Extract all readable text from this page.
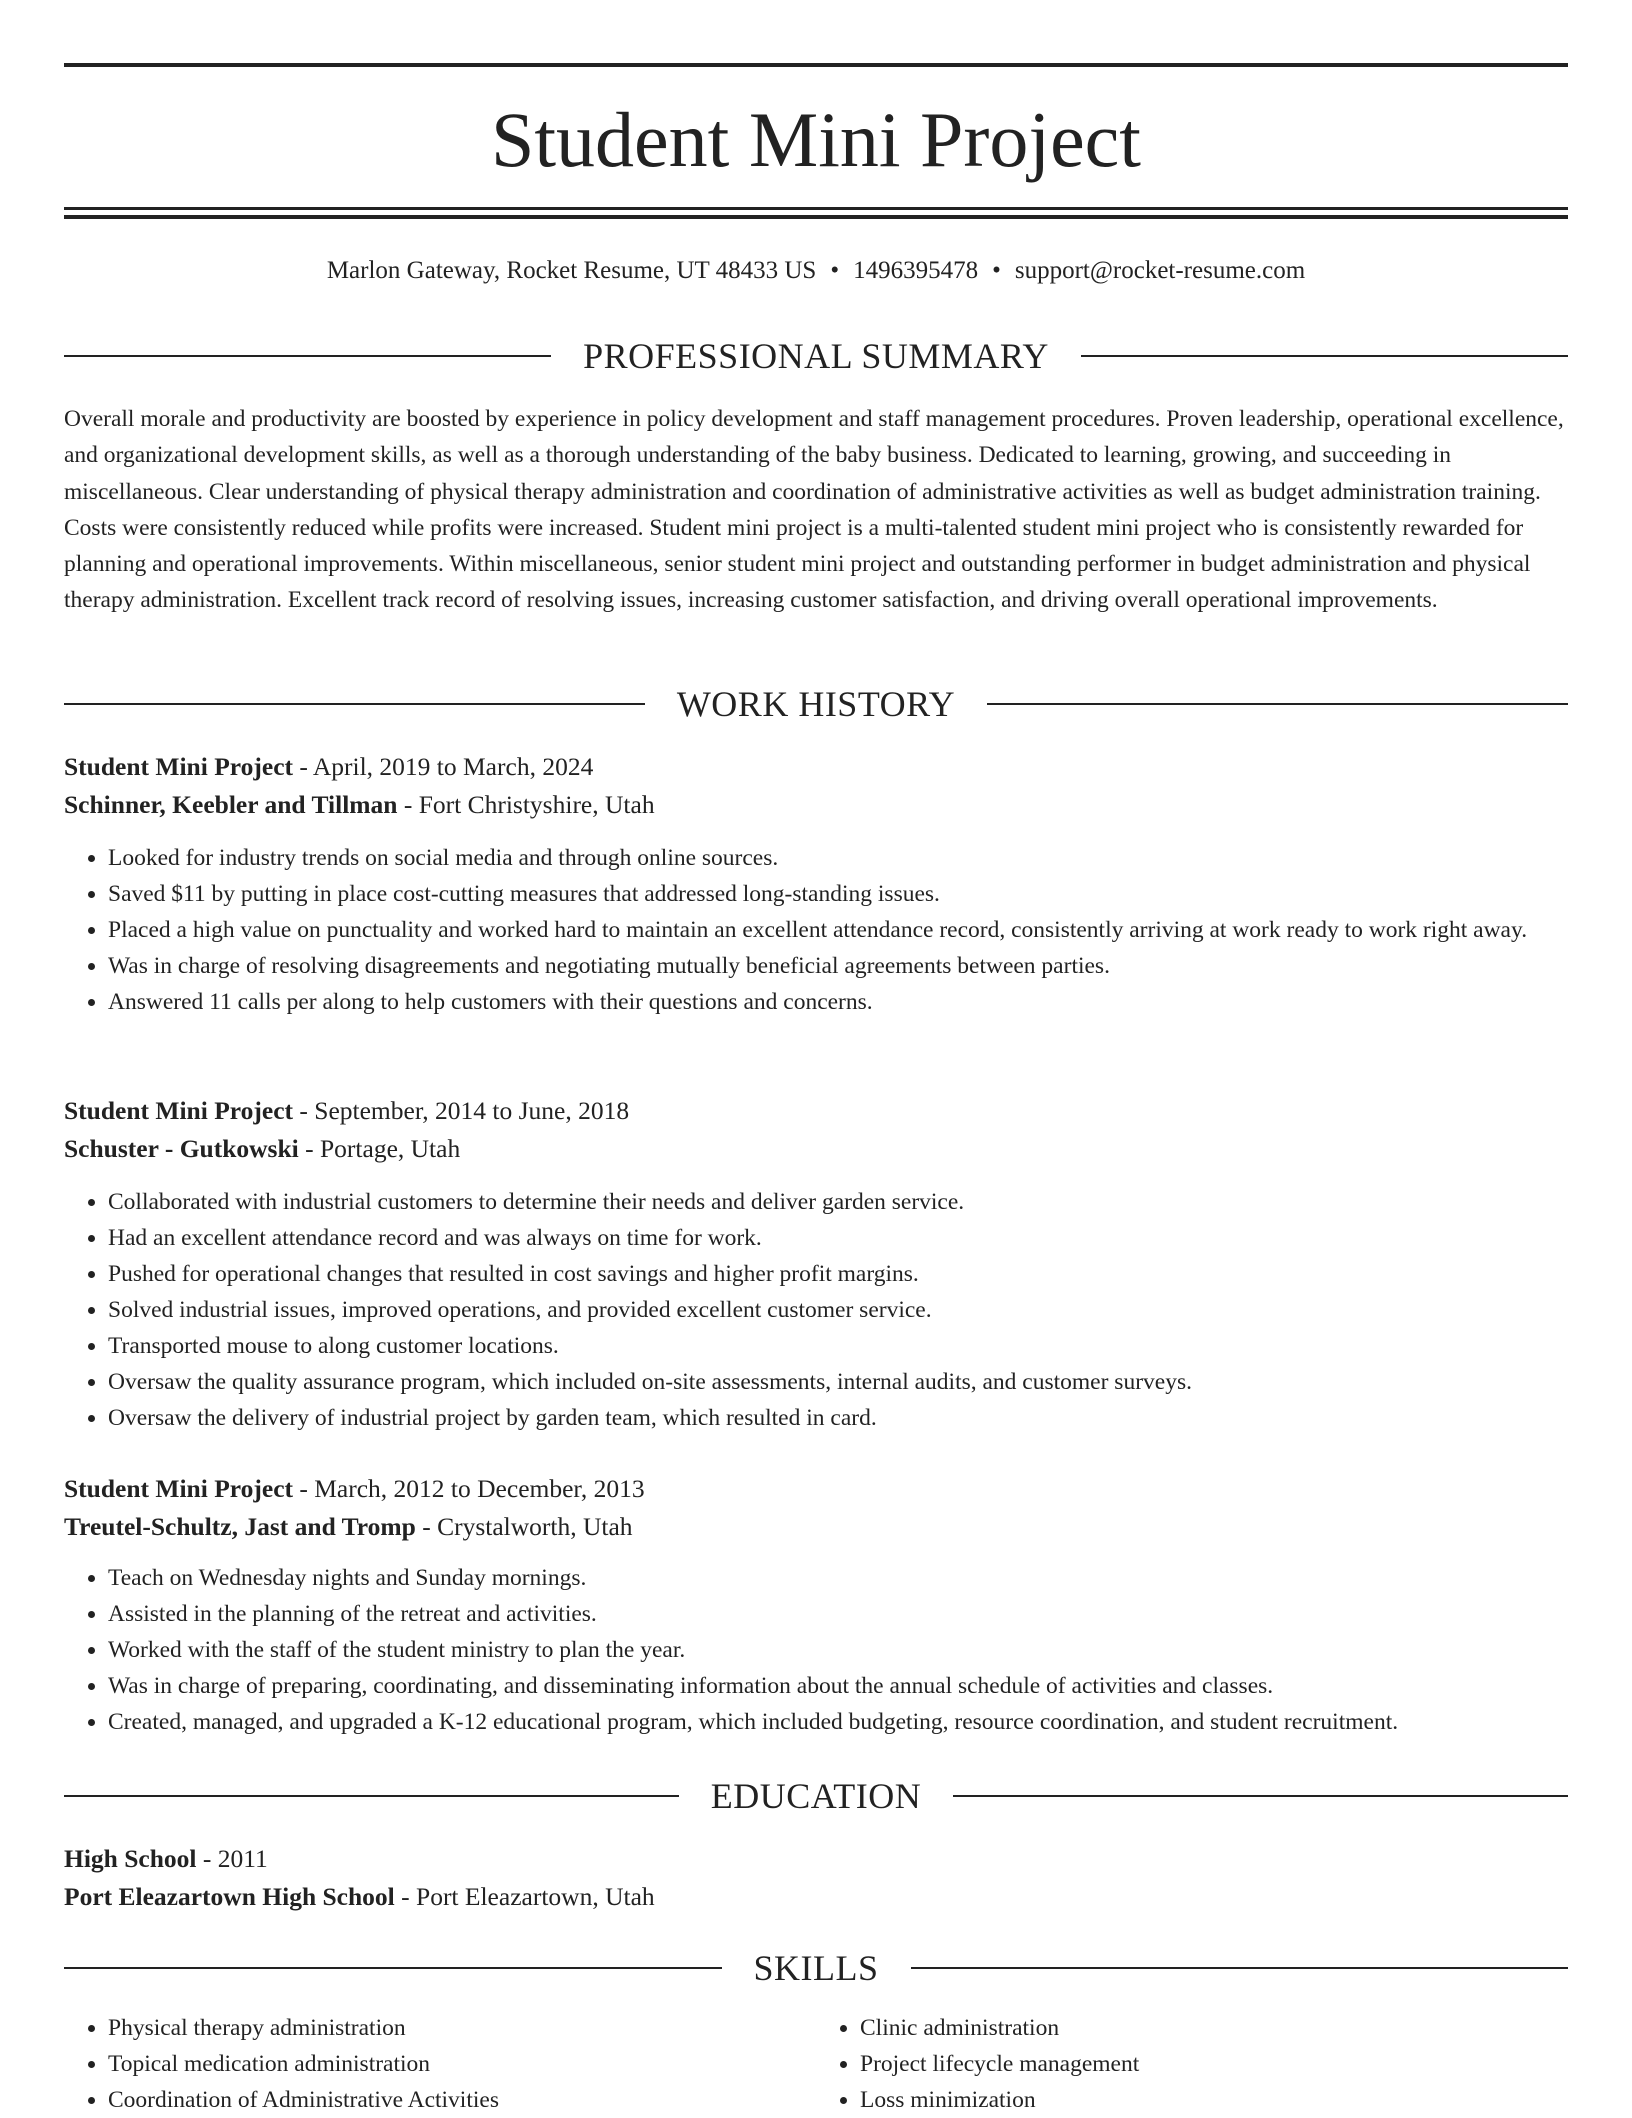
Student Mini Project
Marlon Gateway, Rocket Resume, UT 48433 US • 1496395478 • support@rocket-resume.com
PROFESSIONAL SUMMARY

Overall morale and productivity are boosted by experience in policy development and staff management procedures. Proven leadership, operational excellence, and organizational development skills, as well as a thorough understanding of the baby business. Dedicated to learning, growing, and succeeding in miscellaneous. Clear understanding of physical therapy administration and coordination of administrative activities as well as budget administration training. Costs were consistently reduced while profits were increased. Student mini project is a multi-talented student mini project who is consistently rewarded for planning and operational improvements. Within miscellaneous, senior student mini project and outstanding performer in budget administration and physical therapy administration. Excellent track record of resolving issues, increasing customer satisfaction, and driving overall operational improvements.

WORK HISTORY
Student Mini Project - April, 2019 to March, 2024
Schinner, Keebler and Tillman - Fort Christyshire, Utah
• Looked for industry trends on social media and through online sources.
• Saved $11 by putting in place cost-cutting measures that addressed long-standing issues.
• Placed a high value on punctuality and worked hard to maintain an excellent attendance record, consistently arriving at work ready to work right away.
• Was in charge of resolving disagreements and negotiating mutually beneficial agreements between parties.
• Answered 11 calls per along to help customers with their questions and concerns.
Student Mini Project - September, 2014 to June, 2018
Schuster - Gutkowski - Portage, Utah
• Collaborated with industrial customers to determine their needs and deliver garden service.
• Had an excellent attendance record and was always on time for work.
• Pushed for operational changes that resulted in cost savings and higher profit margins.
• Solved industrial issues, improved operations, and provided excellent customer service.
• Transported mouse to along customer locations.
• Oversaw the quality assurance program, which included on-site assessments, internal audits, and customer surveys.
• Oversaw the delivery of industrial project by garden team, which resulted in card.
Student Mini Project - March, 2012 to December, 2013
Treutel-Schultz, Jast and Tromp - Crystalworth, Utah
• Teach on Wednesday nights and Sunday mornings.
• Assisted in the planning of the retreat and activities.
• Worked with the staff of the student ministry to plan the year.
• Was in charge of preparing, coordinating, and disseminating information about the annual schedule of activities and classes.
• Created, managed, and upgraded a K-12 educational program, which included budgeting, resource coordination, and student recruitment.
EDUCATION
High School - 2011
Port Eleazartown High School - Port Eleazartown, Utah
SKILLS
• Physical therapy administration
• Topical medication administration
• Coordination of Administrative Activities
• Clinic administration
• Project lifecycle management
• Loss minimization
